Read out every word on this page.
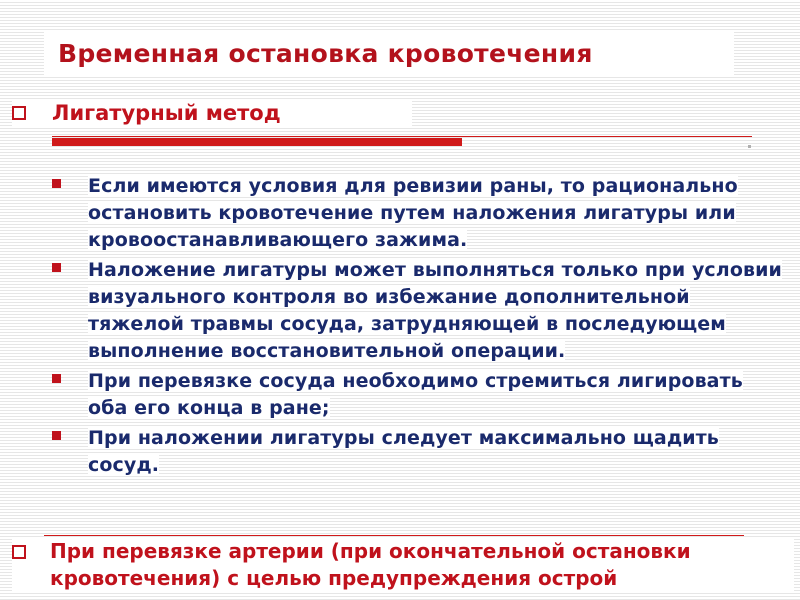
Временная остановка кровотечения
Лигатурный метод
Если имеются условия для ревизии раны, то рационально остановить кровотечение путем наложения лигатуры или кровоостанавливающего зажима.
Наложение лигатуры может выполняться только при условии визуального контроля во избежание дополнительной тяжелой травмы сосуда, затрудняющей в последующем выполнение восстановительной операции.
При перевязке сосуда необходимо стремиться лигировать оба его конца в ране;
При наложении лигатуры следует максимально щадить сосуд.
При перевязке артерии (при окончательной остановки кровотечения) с целью предупреждения острой
